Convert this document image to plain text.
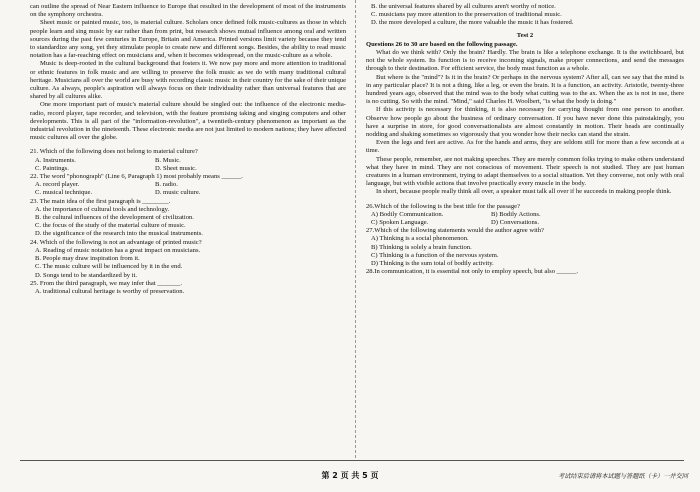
can outline the spread of Near Eastern influence to Europe that resulted in the development of most of the instruments on the symphony orchestra.

Sheet music or painted music, too, is material culture. Scholars once defined folk music-cultures as those in which people learn and sing music by ear rather than from print, but research shows mutual influence among oral and written sources during the past few centuries in Europe, Britain and America. Printed versions limit variety because they tend to standardize any song, yet they stimulate people to create new and different songs. Besides, the ability to read music notation has a far-reaching effect on musicians and, when it becomes widespread, on the music-culture as a whole.

Music is deep-rooted in the cultural background that fosters it. We now pay more and more attention to traditional or ethnic features in folk music and are willing to preserve the folk music as we do with many traditional cultural heritage. Musicians all over the world are busy with recording classic music in their country for the sake of their unique culture. As always, people's aspiration will always focus on their individuality rather than universal features that are shared by all cultures alike.

One more important part of music's material culture should be singled out: the influence of the electronic media-radio, record player, tape recorder, and television, with the feature promising taking and singing computers and other developments. This is all part of the "information-revolution", a twentieth-century phenomenon as important as the industrial revolution in the nineteenth. These electronic media are not just limited to modern nations; they have affected music cultures all over the globe.

21. Which of the following does not belong to material culture?
A. Instruments.	B. Music.
C. Paintings.	D. Sheet music.
22. The word "phonograph" (Line 6, Paragraph 1) most probably means ______.
A. record player.	B. radio.
C. musical technique.	D. music culture.
23. The main idea of the first paragraph is ________.
A. the importance of cultural tools and technology.
B. the cultural influences of the development of civilization.
C. the focus of the study of the material culture of music.
D. the significance of the research into the musical instruments.
24. Which of the following is not an advantage of printed music?
A. Reading of music notation has a great impact on musicians.
B. People may draw inspiration from it.
C. The music culture will be influenced by it in the end.
D. Songs tend to be standardized by it.
25. From the third paragraph, we may infer that _______.
A. traditional cultural heritage is worthy of preservation.
B. the universal features shared by all cultures aren't worthy of notice.
C. musicians pay more attention to the preservation of traditional music.
D. the more developed a culture, the more valuable the music it has fostered.
Test 2
Questions 26 to 30 are based on the following passage.

What do we think with? Only the brain? Hardly. The brain is like a telephone exchange. It is the switchboard, but not the whole system. Its function is to receive incoming signals, make proper connections, and send the messages through to their destination. For efficient service, the body must function as a whole.

But where is the "mind"? Is it in the brain? Or perhaps in the nervous system? After all, can we say that the mind is in any particular place? It is not a thing, like a leg, or even the brain. It is a function, an activity. Aristotle, twenty-three hundred years ago, observed that the mind was to the body what cutting was to the ax. When the ax is not in use, there is no cutting. So with the mind. "Mind," said Charles H. Woolbert, "is what the body is doing."

If this activity is necessary for thinking, it is also necessary for carrying thought from one person to another. Observe how people go about the business of ordinary conversation. If you have never done this painstakingly, you have a surprise in store, for good conversationalists are almost constantly in motion. Their heads are continually nodding and shaking sometimes so vigorously that you wonder how their necks can stand the strain.

Even the legs and feet are active. As for the hands and arms, they are seldom still for more than a few seconds at a time.

These people, remember, are not making speeches. They are merely common folks trying to make others understand what they have in mind. They are not conscious of movement. Their speech is not studied. They are just human creatures in a human environment, trying to adapt themselves to a social situation. Yet they converse, not only with oral language, but with visible actions that involve practically every muscle in the body.

In short, because people really think all over, a speaker must talk all over if he succeeds in making people think.

26.Which of the following is the best title for the passage?
A) Bodily Communication.	B) Bodily Actions.
C) Spoken Language.	D) Conversations.
27.Which of the following statements would the author agree with?
A) Thinking is a social phenomenon.
B) Thinking is solely a brain function.
C) Thinking is a function of the nervous system.
D) Thinking is the sum total of bodily activity.
28.In communication, it is essential not only to employ speech, but also ______.
第 2 页 共 5 页	考试结束后请将本试题与答题纸（卡）一并交回
